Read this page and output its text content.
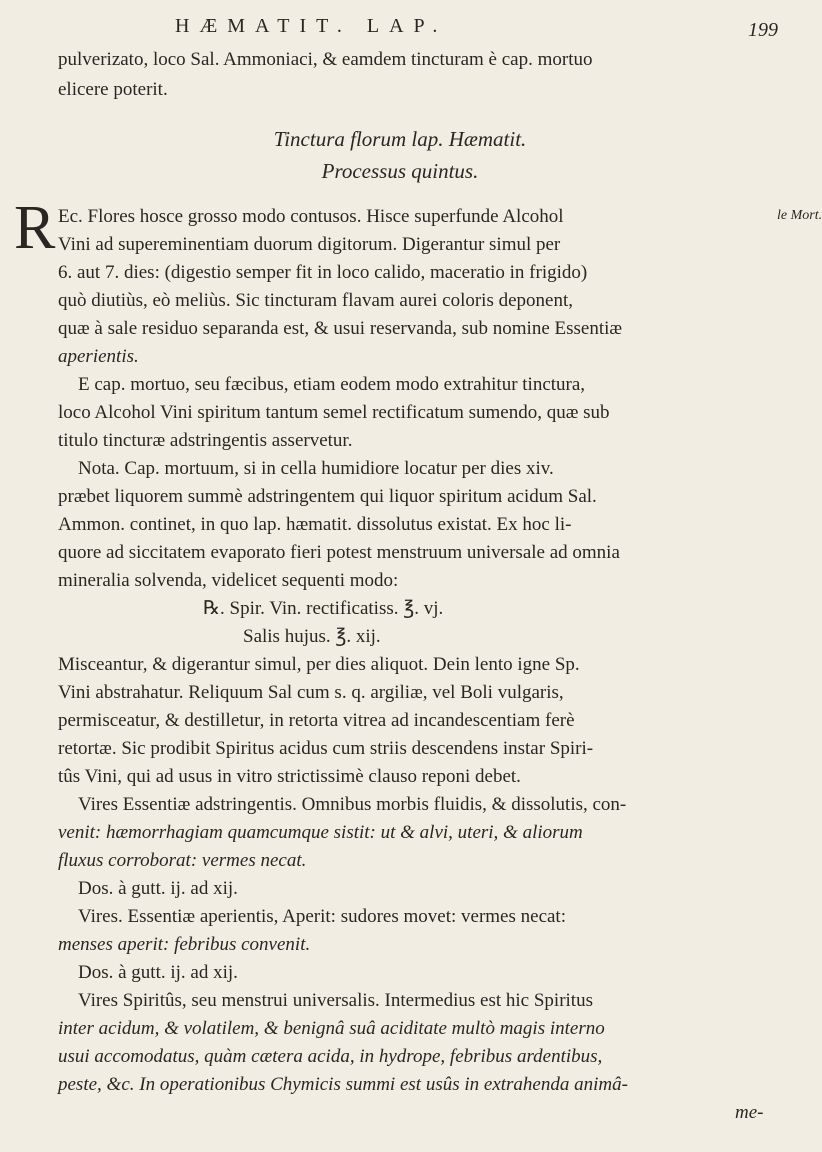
HÆMATIT. LAP.	199
pulverizato, loco Sal. Ammoniaci, & eamdem tincturam è cap. mortuo
elicere poterit.
Tinctura florum lap. Hæmatit.
Processus quintus.
R	le Mort.
Ec. Flores hosce grosso modo contusos. Hisce superfunde Alcohol
Vini ad supereminentiam duorum digitorum. Digerantur simul per
6. aut 7. dies: (digestio semper fit in loco calido, maceratio in frigido)
quò diutiùs, eò meliùs. Sic tincturam flavam aurei coloris deponent,
quæ à sale residuo separanda est, & usui reservanda, sub nomine Essentiæ
aperientis.
E cap. mortuo, seu fæcibus, etiam eodem modo extrahitur tinctura,
loco Alcohol Vini spiritum tantum semel rectificatum sumendo, quæ sub
titulo tincturæ adstringentis asservetur.
Nota. Cap. mortuum, si in cella humidiore locatur per dies xiv.
præbet liquorem summè adstringentem qui liquor spiritum acidum Sal.
Ammon. continet, in quo lap. hæmatit. dissolutus existat. Ex hoc li-
quore ad siccitatem evaporato fieri potest menstruum universale ad omnia
mineralia solvenda, videlicet sequenti modo:
℞. Spir. Vin. rectificatiss. ℥. vj.
Salis hujus. ℥. xij.
Misceantur, & digerantur simul, per dies aliquot. Dein lento igne Sp.
Vini abstrahatur. Reliquum Sal cum s. q. argiliæ, vel Boli vulgaris,
permisceatur, & destilletur, in retorta vitrea ad incandescentiam ferè
retortæ. Sic prodibit Spiritus acidus cum striis descendens instar Spiri-
tûs Vini, qui ad usus in vitro strictissimè clauso reponi debet.
Vires Essentiæ adstringentis. Omnibus morbis fluidis, & dissolutis, con-
venit: hæmorrhagiam quamcumque sistit: ut & alvi, uteri, & aliorum
fluxus corroborat: vermes necat.
Dos. à gutt. ij. ad xij.
Vires. Essentiæ aperientis, Aperit: sudores movet: vermes necat:
menses aperit: febribus convenit.
Dos. à gutt. ij. ad xij.
Vires Spiritûs, seu menstrui universalis. Intermedius est hic Spiritus
inter acidum, & volatilem, & benignâ suâ aciditate multò magis interno
usui accomodatus, quàm cætera acida, in hydrope, febribus ardentibus,
peste, &c. In operationibus Chymicis summi est usûs in extrahenda animâ-
me-
